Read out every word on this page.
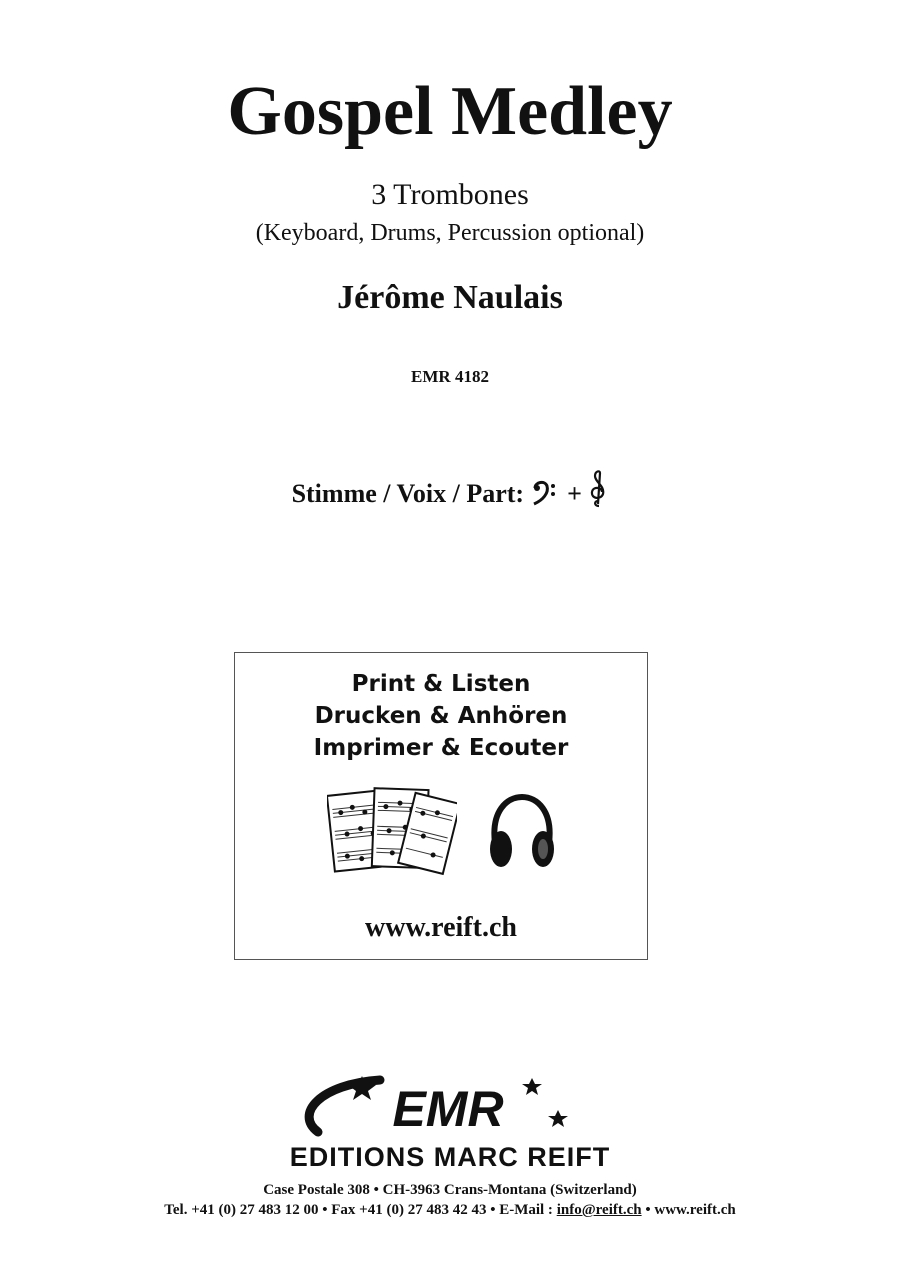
Gospel Medley
3 Trombones
(Keyboard, Drums, Percussion optional)
Jérôme Naulais
EMR 4182
Stimme / Voix / Part: +
Print & Listen
Drucken & Anhören
Imprimer & Ecouter
www.reift.ch
EMR
EDITIONS MARC REIFT
Case Postale 308 • CH-3963 Crans-Montana (Switzerland)
Tel. +41 (0) 27 483 12 00 • Fax +41 (0) 27 483 42 43 • E-Mail : info@reift.ch • www.reift.ch
